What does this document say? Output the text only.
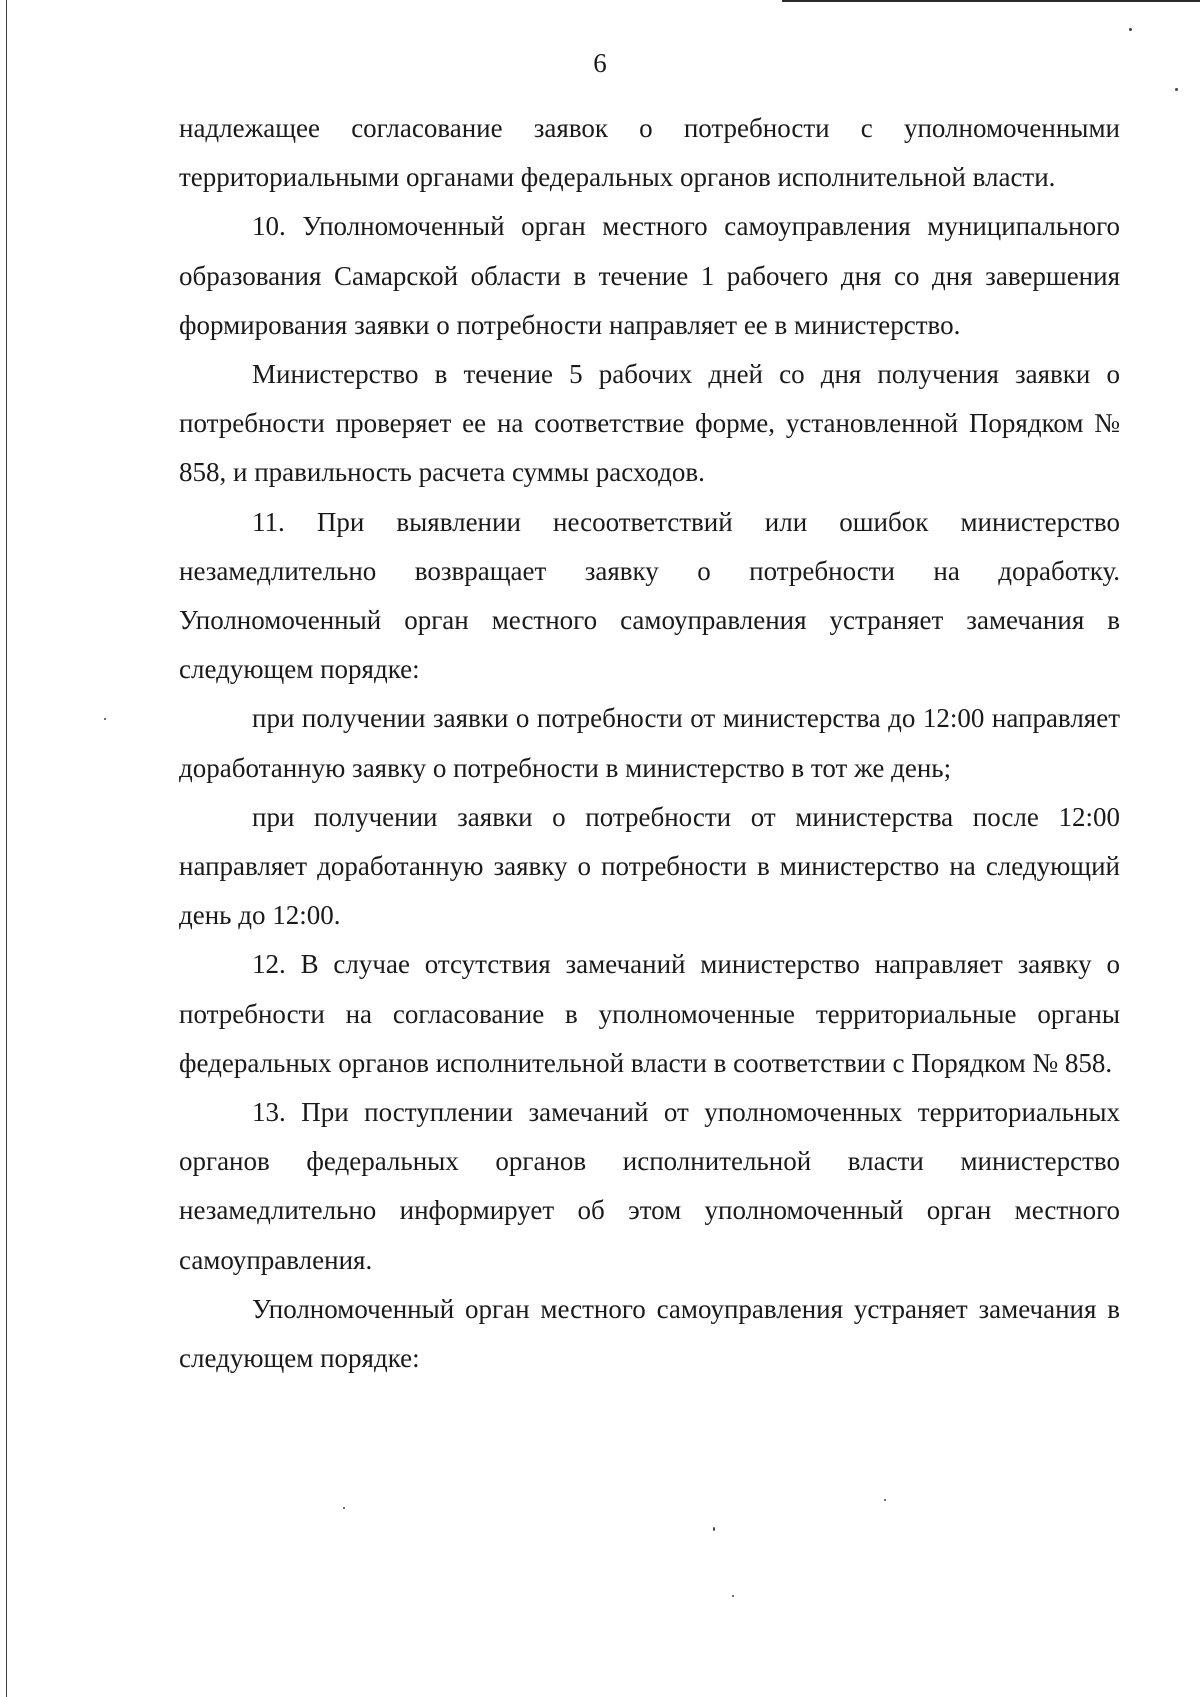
6

надлежащее согласование заявок о потребности с уполномоченными территориальными органами федеральных органов исполнительной власти.

10. Уполномоченный орган местного самоуправления муниципального образования Самарской области в течение 1 рабочего дня со дня завершения формирования заявки о потребности направляет ее в министерство.

Министерство в течение 5 рабочих дней со дня получения заявки о потребности проверяет ее на соответствие форме, установленной Порядком № 858, и правильность расчета суммы расходов.

11. При выявлении несоответствий или ошибок министерство незамедлительно возвращает заявку о потребности на доработку. Уполномоченный орган местного самоуправления устраняет замечания в следующем порядке:

при получении заявки о потребности от министерства до 12:00 направляет доработанную заявку о потребности в министерство в тот же день;

при получении заявки о потребности от министерства после 12:00 направляет доработанную заявку о потребности в министерство на следующий день до 12:00.

12. В случае отсутствия замечаний министерство направляет заявку о потребности на согласование в уполномоченные территориальные органы федеральных органов исполнительной власти в соответствии с Порядком № 858.

13. При поступлении замечаний от уполномоченных территориальных органов федеральных органов исполнительной власти министерство незамедлительно информирует об этом уполномоченный орган местного самоуправления.

Уполномоченный орган местного самоуправления устраняет замечания в следующем порядке:
